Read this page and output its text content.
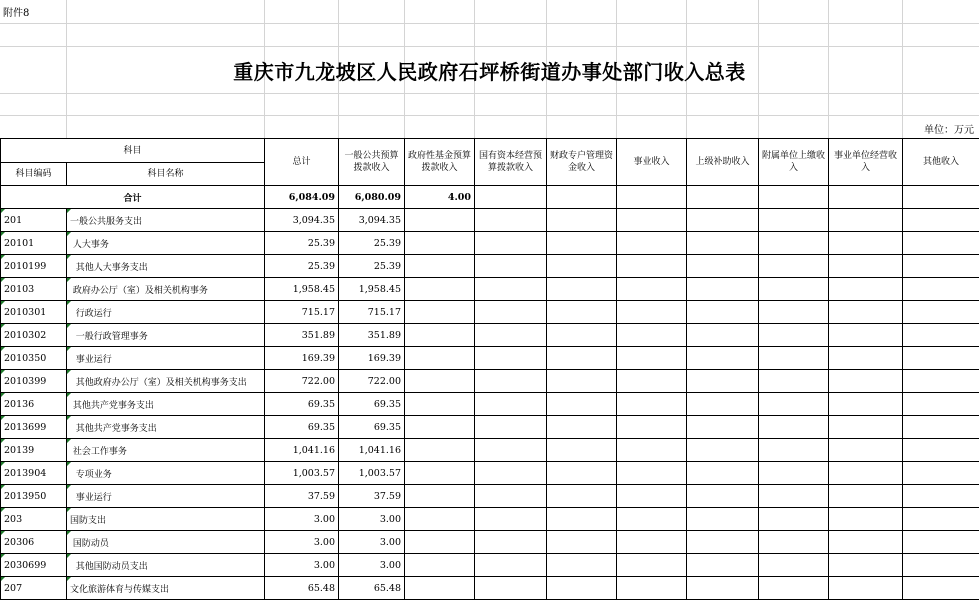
附件8
重庆市九龙坡区人民政府石坪桥街道办事处部门收入总表
单位：万元
科目		总计	一般公共预算拨款收入	政府性基金预算拨款收入	国有资本经营预算拨款收入	财政专户管理资金收入	事业收入	上级补助收入	附属单位上缴收入	事业单位经营收入	其他收入
科目编码	科目名称										
合计		6,084.09	6,080.09	4.00							

201	一般公共服务支出	3,094.35	3,094.35								

20101	人大事务	25.39	25.39								

2010199	其他人大事务支出	25.39	25.39								

20103	政府办公厅（室）及相关机构事务	1,958.45	1,958.45								

2010301	行政运行	715.17	715.17								

2010302	一般行政管理事务	351.89	351.89								

2010350	事业运行	169.39	169.39								

2010399	其他政府办公厅（室）及相关机构事务支出	722.00	722.00								

20136	其他共产党事务支出	69.35	69.35								

2013699	其他共产党事务支出	69.35	69.35								

20139	社会工作事务	1,041.16	1,041.16								

2013904	专项业务	1,003.57	1,003.57								

2013950	事业运行	37.59	37.59								

203	国防支出	3.00	3.00								

20306	国防动员	3.00	3.00								

2030699	其他国防动员支出	3.00	3.00								

207	文化旅游体育与传媒支出	65.48	65.48								
